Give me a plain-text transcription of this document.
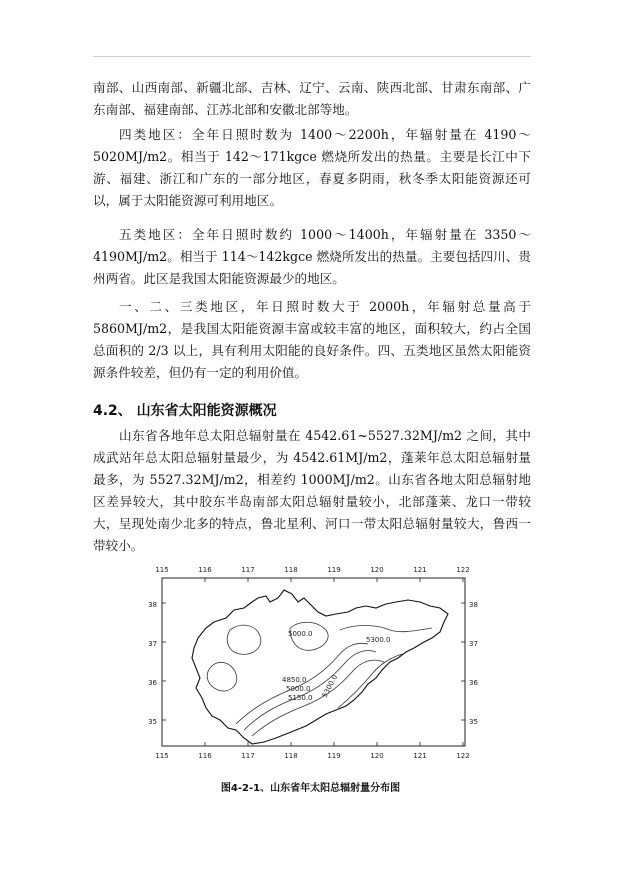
南部、山西南部、新疆北部、吉林、辽宁、云南、陕西北部、甘肃东南部、广东南部、福建南部、江苏北部和安徽北部等地。

四类地区：全年日照时数为 1400～2200h，年辐射量在 4190～5020MJ/m2。相当于 142～171kgce 燃烧所发出的热量。主要是长江中下游、福建、浙江和广东的一部分地区，春夏多阴雨，秋冬季太阳能资源还可以，属于太阳能资源可利用地区。

五类地区：全年日照时数约 1000～1400h，年辐射量在 3350～4190MJ/m2。相当于 114～142kgce 燃烧所发出的热量。主要包括四川、贵州两省。此区是我国太阳能资源最少的地区。

一、二、三类地区，年日照时数大于 2000h，年辐射总量高于 5860MJ/m2，是我国太阳能资源丰富或较丰富的地区，面积较大，约占全国总面积的 2/3 以上，具有利用太阳能的良好条件。四、五类地区虽然太阳能资源条件较差，但仍有一定的利用价值。

4.2、 山东省太阳能资源概况

山东省各地年总太阳总辐射量在 4542.61~5527.32MJ/m2 之间，其中成武站年总太阳总辐射量最少，为 4542.61MJ/m2，蓬莱年总太阳总辐射量最多，为 5527.32MJ/m2，相差约 1000MJ/m2。山东省各地太阳总辐射地区差异较大，其中胶东半岛南部太阳总辐射量较小，北部蓬莱、龙口一带较大，呈现处南少北多的特点，鲁北星利、河口一带太阳总辐射量较大，鲁西一带较小。

115	116	117	118	119	120	121	122
115	116	117	118	119	120	121	122
38
37
36
35
38
37
36
35
5000.0
5300.0
4850.0
5000.0
5150.0 5300.0
图4-2-1、山东省年太阳总辐射量分布图
